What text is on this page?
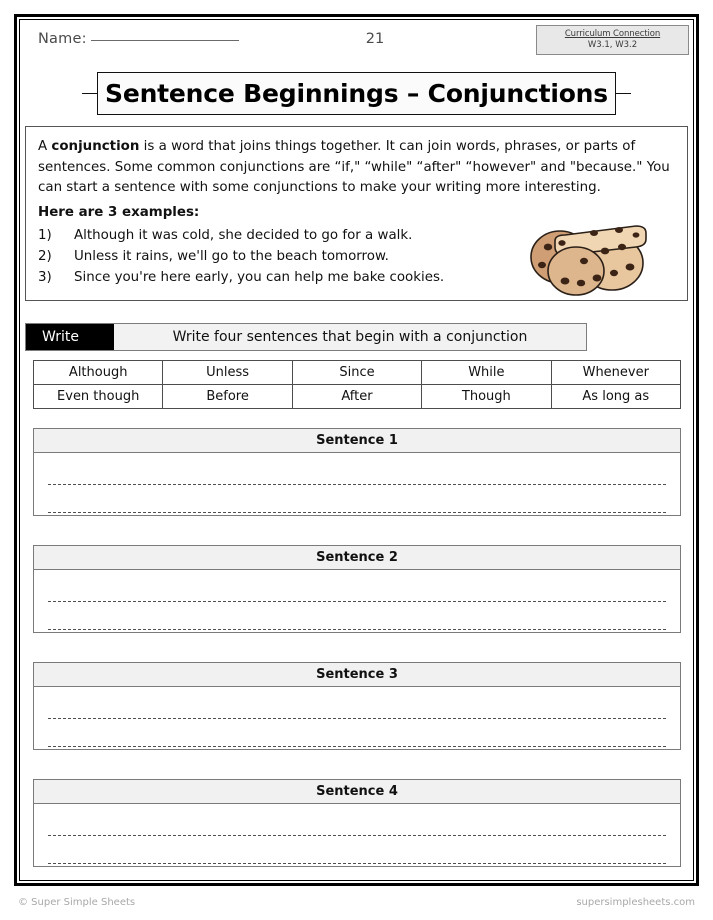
Name:	21	Curriculum Connection
W3.1, W3.2
Sentence Beginnings – Conjunctions
A conjunction is a word that joins things together. It can join words, phrases, or parts of sentences. Some common conjunctions are “if," “while" “after" “however" and "because." You can start a sentence with some conjunctions to make your writing more interesting.
Here are 3 examples:
1)	Although it was cold, she decided to go for a walk.
2)	Unless it rains, we'll go to the beach tomorrow.
3)	Since you're here early, you can help me bake cookies.
Write	Write four sentences that begin with a conjunction
Although	Unless	Since	While	Whenever
Even though	Before	After	Though	As long as
Sentence 1
Sentence 2
Sentence 3
Sentence 4
© Super Simple Sheets	supersimplesheets.com
